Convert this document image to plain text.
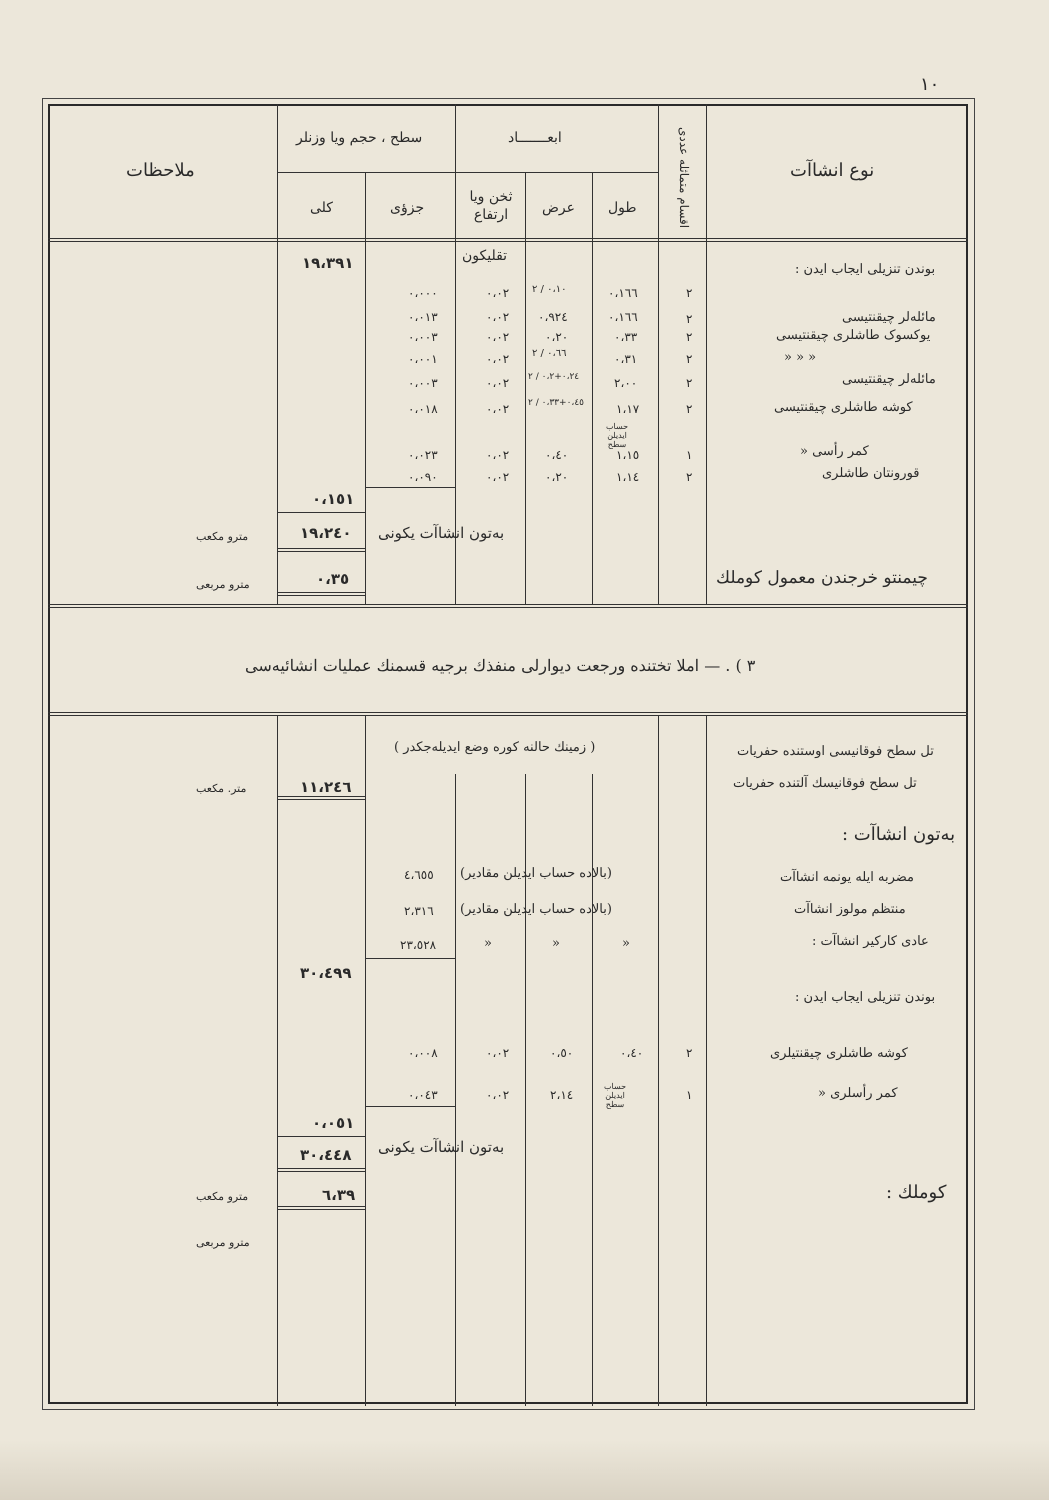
١٠
نوع انشاآت
اقسام متماثله عددی
ابعـــــــاد
طول
عرض
ثخن ویا ارتفاع
سطح ، حجم ویا وزنلر
جزؤی
کلی
ملاحظات
بوندن تنزیلی ایجاب ایدن :
تقلیکون
١٩،٣٩١
٢
٠،١٦٦
٠،١٠ / ٢
٠،٠٢
٠،٠٠٠
مائله‌لر چیقنتیسی
٢
٠،١٦٦
٠،٩٢٤
٠،٠٢
٠،٠١٣
یوکسوک طاشلری چیقنتیسی
٢
٠،٣٣
٠،٢٠
٠،٠٢
٠،٠٠٣
« « «
٢
٠،٣١
٠،٦٦ / ٢
٠،٠٢
٠،٠٠١
مائله‌لر چیقنتیسی
٢
٢،٠٠
٠،٢٤+٠،٢ / ٢
٠،٠٢
٠،٠٠٣
کوشه طاشلری چیقنتیسی
٢
١،١٧
٠،٤٥+٠،٣٣ / ٢
٠،٠٢
٠،٠١٨
حساب ایدیلن سطح	کمر رأسی «
١
١،١٥
٠،٤٠
٠،٠٢
٠،٠٢٣
قورونتان طاشلری
٢
١،١٤
٠،٢٠
٠،٠٢
٠،٠٩٠
٠،١٥١
به‌تون انشاآت یکونی
١٩،٢٤٠
مترو مکعب
چیمنتو خرجندن معمول کوملك
٠،٣٥
مترو مربعی
٣ ) . — املا تختنده ورجعت دیوارلی منفذك برجیه قسمنك عملیات انشائیه‌سی
تل سطح فوقانیسی اوستنده حفریات
( زمینك حالنه کوره وضع ایدیله‌جکدر )
تل سطح فوقانیسك آلتنده حفریات
١١،٢٤٦
متر. مکعب
به‌تون انشاآت :
مضربه ایله یونمه انشاآت
(بالاده حساب ایدیلن مقادیر)
٤،٦٥٥
منتظم مولوز انشاآت
(بالاده حساب ایدیلن مقادیر)
٢،٣١٦
عادی کارکیر انشاآت :
«
«
«
٢٣،٥٢٨
٣٠،٤٩٩
بوندن تنزیلی ایجاب ایدن :
کوشه طاشلری چیقنتیلری
٢
٠،٤٠
٠،٥٠
٠،٠٢
٠،٠٠٨
کمر رأسلری «
١
حساب ایدیلن سطح
٢،١٤
٠،٠٢
٠،٠٤٣
٠،٠٥١
به‌تون انشاآت یکونی
٣٠،٤٤٨
کوملك :
٦،٣٩
مترو مکعب
مترو مربعی
